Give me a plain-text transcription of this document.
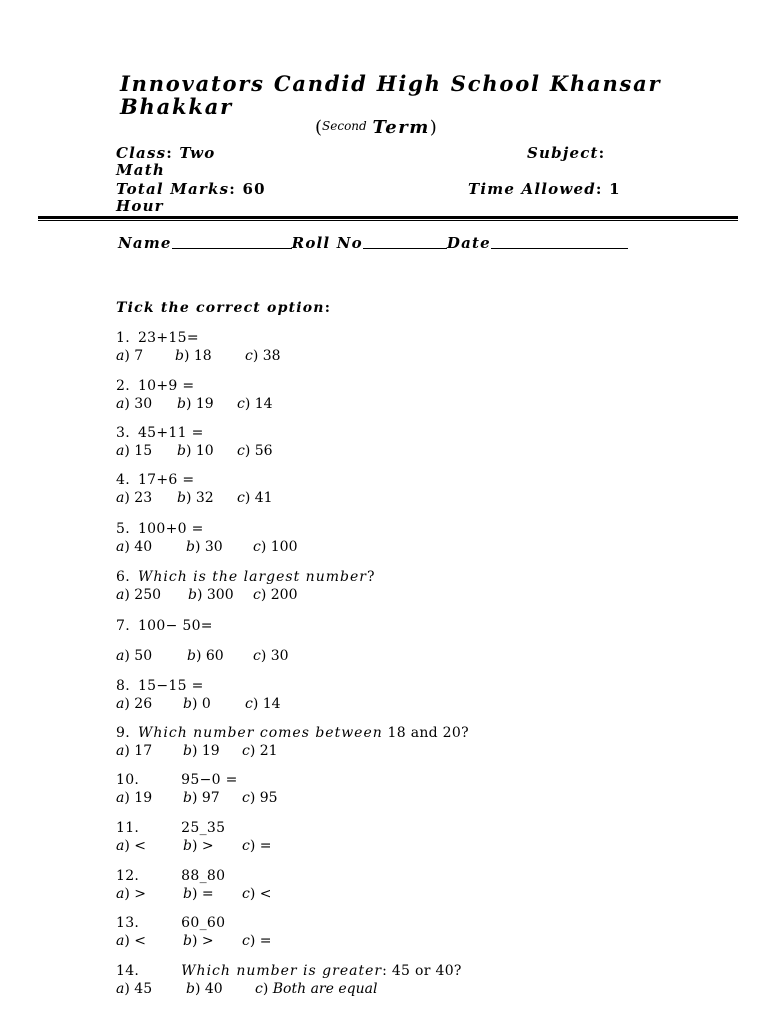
Innovators Candid High School Khansar
Bhakkar
(Second Term)
Class: Two	Subject:
Math
Total Marks: 60	Time Allowed: 1
Hour
Name	Roll No	Date
Tick the correct option:
1. 23+15=
a) 7 b) 18 c) 38
2. 10+9 =
a) 30 b) 19 c) 14
3. 45+11 =
a) 15 b) 10 c) 56
4. 17+6 =
a) 23 b) 32 c) 41
5. 100+0 =
a) 40 b) 30 c) 100
6. Which is the largest number?
a) 250 b) 300 c) 200
7. 100− 50=
a) 50 b) 60 c) 30
8. 15−15 =
a) 26 b) 0 c) 14
9. Which number comes between 18 and 20?
a) 17 b) 19 c) 21
10.	95−0 =
a) 19 b) 97 c) 95
11.	25_35
a) <	b) > c) =
12.	88_80
a) >	b) = c) <
13.	60_60
a) <	b) > c) =
14.	Which number is greater: 45 or 40?
a) 45 b) 40 c) Both are equal
